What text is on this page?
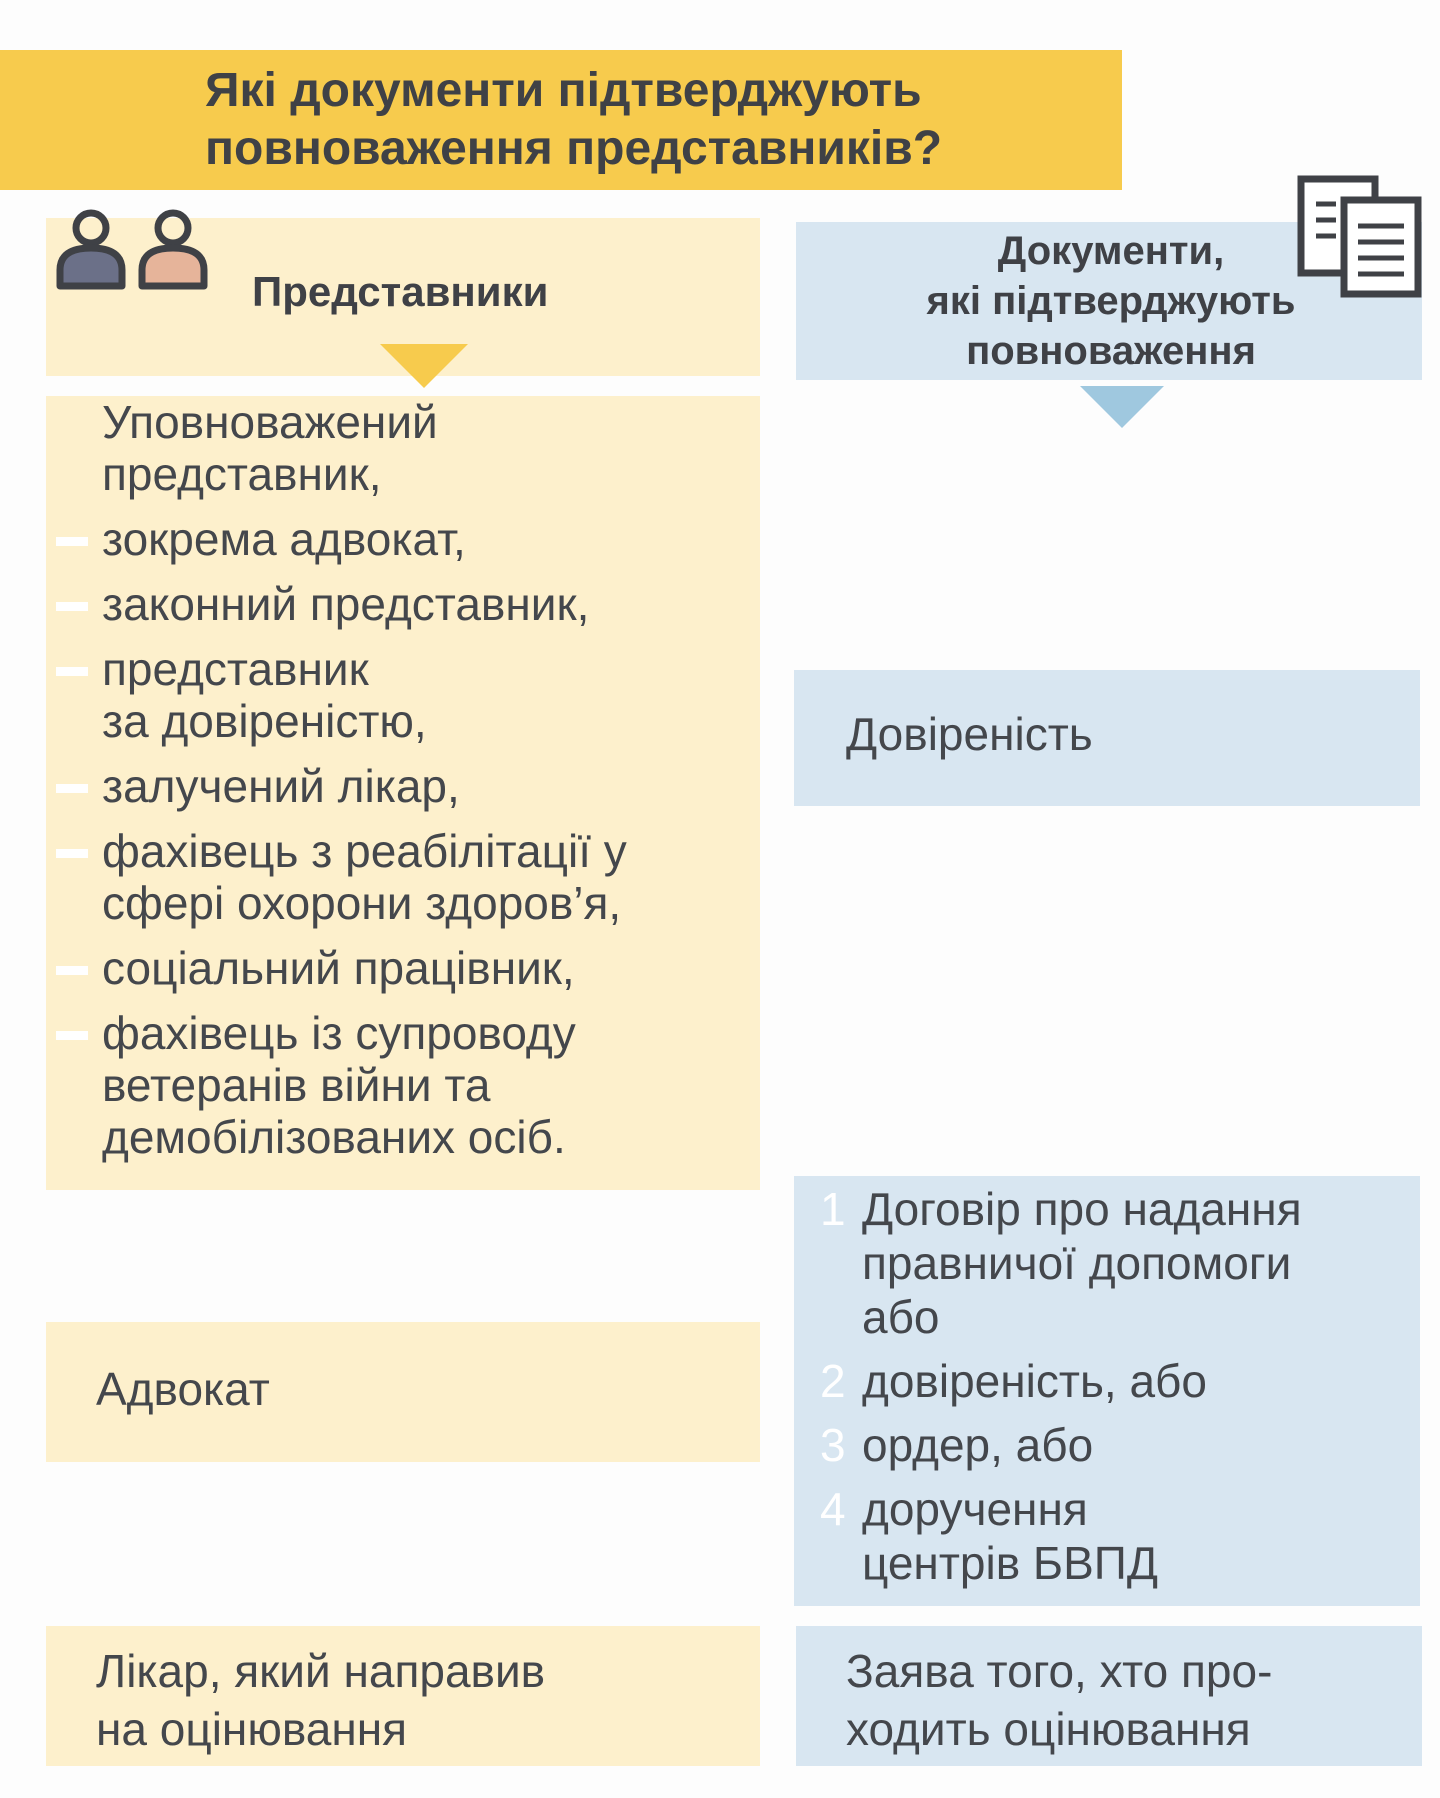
Які документи підтверджують
повноваження представників?
Представники
Документи,
які підтверджують
повноваження
Уповноважений
представник,
зокрема адвокат,
законний представник,
представник
за довіреністю,
залучений лікар,
фахівець з реабілітації у
сфері охорони здоров’я,
соціальний працівник,
фахівець із супроводу
ветеранів війни та
демобілізованих осіб.
Довіреність
Адвокат
1 Договір про надання
правничої допомоги
або
2 довіреність, або
3 ордер, або
4 доручення
центрів БВПД
Лікар, який направив
на оцінювання
Заява того, хто про-
ходить оцінювання
